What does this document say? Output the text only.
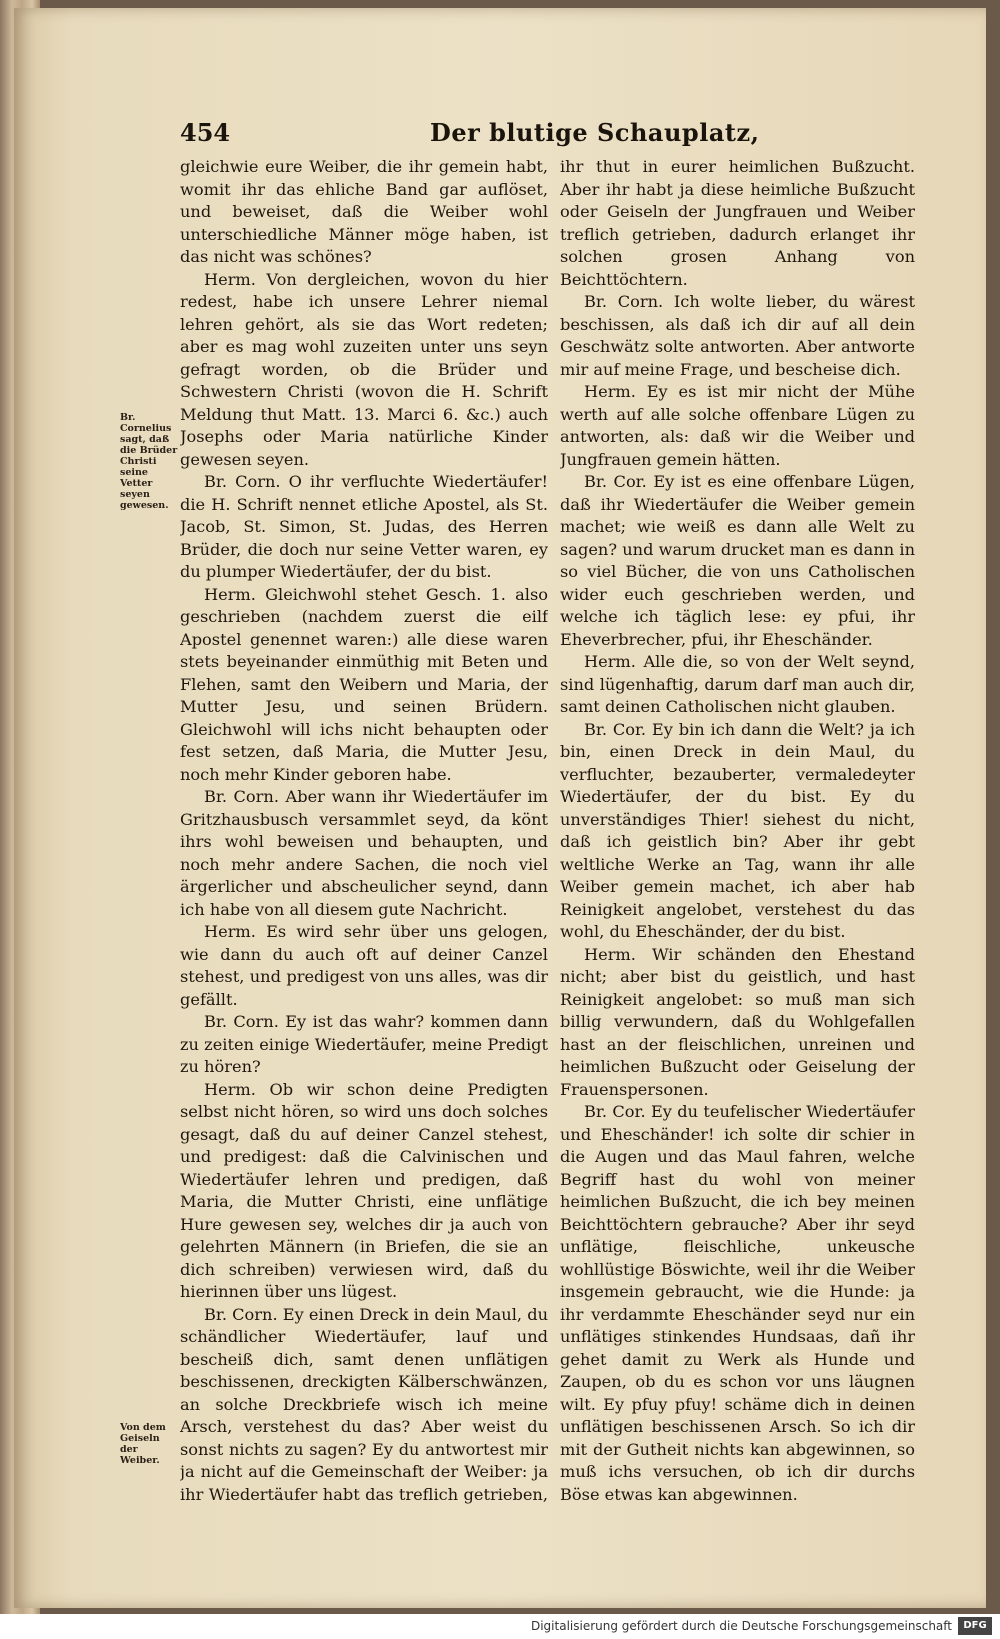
454	Der blutige Schauplatz,
Br. Cornelius sagt, daß die Brüder Christi seine Vetter seyen gewesen.
Von dem Geiseln der Weiber.

gleichwie eure Weiber, die ihr gemein habt, womit ihr das ehliche Band gar auflöset, und beweiset, daß die Weiber wohl unterschiedliche Männer möge haben, ist das nicht was schönes?

Herm. Von dergleichen, wovon du hier redest, habe ich unsere Lehrer niemal lehren gehört, als sie das Wort redeten; aber es mag wohl zuzeiten unter uns seyn gefragt worden, ob die Brüder und Schwestern Christi (wovon die H. Schrift Meldung thut Matt. 13. Marci 6. &c.) auch Josephs oder Maria natürliche Kinder gewesen seyen.

Br. Corn. O ihr verfluchte Wiedertäufer! die H. Schrift nennet etliche Apostel, als St. Jacob, St. Simon, St. Judas, des Herren Brüder, die doch nur seine Vetter waren, ey du plumper Wiedertäufer, der du bist.

Herm. Gleichwohl stehet Gesch. 1. also geschrieben (nachdem zuerst die eilf Apostel genennet waren:) alle diese waren stets beyeinander einmüthig mit Beten und Flehen, samt den Weibern und Maria, der Mutter Jesu, und seinen Brüdern. Gleichwohl will ichs nicht behaupten oder fest setzen, daß Maria, die Mutter Jesu, noch mehr Kinder geboren habe.

Br. Corn. Aber wann ihr Wiedertäufer im Gritzhausbusch versammlet seyd, da könt ihrs wohl beweisen und behaupten, und noch mehr andere Sachen, die noch viel ärgerlicher und abscheulicher seynd, dann ich habe von all diesem gute Nachricht.

Herm. Es wird sehr über uns gelogen, wie dann du auch oft auf deiner Canzel stehest, und predigest von uns alles, was dir gefällt.

Br. Corn. Ey ist das wahr? kommen dann zu zeiten einige Wiedertäufer, meine Predigt zu hören?

Herm. Ob wir schon deine Predigten selbst nicht hören, so wird uns doch solches gesagt, daß du auf deiner Canzel stehest, und predigest: daß die Calvinischen und Wiedertäufer lehren und predigen, daß Maria, die Mutter Christi, eine unflätige Hure gewesen sey, welches dir ja auch von gelehrten Männern (in Briefen, die sie an dich schreiben) verwiesen wird, daß du hierinnen über uns lügest.

Br. Corn. Ey einen Dreck in dein Maul, du schändlicher Wiedertäufer, lauf und bescheiß dich, samt denen unflätigen beschissenen, dreckigten Kälberschwänzen, an solche Dreckbriefe wisch ich meine Arsch, verstehest du das? Aber weist du sonst nichts zu sagen? Ey du antwortest mir ja nicht auf die Gemeinschaft der Weiber: ja ihr Wiedertäufer habt das treflich getrieben,

ihr thut in eurer heimlichen Bußzucht. Aber ihr habt ja diese heimliche Bußzucht oder Geiseln der Jungfrauen und Weiber treflich getrieben, dadurch erlanget ihr solchen grosen Anhang von Beichttöchtern.

Br. Corn. Ich wolte lieber, du wärest beschissen, als daß ich dir auf all dein Geschwätz solte antworten. Aber antworte mir auf meine Frage, und bescheise dich.

Herm. Ey es ist mir nicht der Mühe werth auf alle solche offenbare Lügen zu antworten, als: daß wir die Weiber und Jungfrauen gemein hätten.

Br. Cor. Ey ist es eine offenbare Lügen, daß ihr Wiedertäufer die Weiber gemein machet; wie weiß es dann alle Welt zu sagen? und warum drucket man es dann in so viel Bücher, die von uns Catholischen wider euch geschrieben werden, und welche ich täglich lese: ey pfui, ihr Eheverbrecher, pfui, ihr Eheschänder.

Herm. Alle die, so von der Welt seynd, sind lügenhaftig, darum darf man auch dir, samt deinen Catholischen nicht glauben.

Br. Cor. Ey bin ich dann die Welt? ja ich bin, einen Dreck in dein Maul, du verfluchter, bezauberter, vermaledeyter Wiedertäufer, der du bist. Ey du unverständiges Thier! siehest du nicht, daß ich geistlich bin? Aber ihr gebt weltliche Werke an Tag, wann ihr alle Weiber gemein machet, ich aber hab Reinigkeit angelobet, verstehest du das wohl, du Eheschänder, der du bist.

Herm. Wir schänden den Ehestand nicht; aber bist du geistlich, und hast Reinigkeit angelobet: so muß man sich billig verwundern, daß du Wohlgefallen hast an der fleischlichen, unreinen und heimlichen Bußzucht oder Geiselung der Frauenspersonen.

Br. Cor. Ey du teufelischer Wiedertäufer und Eheschänder! ich solte dir schier in die Augen und das Maul fahren, welche Begriff hast du wohl von meiner heimlichen Bußzucht, die ich bey meinen Beichttöchtern gebrauche? Aber ihr seyd unflätige, fleischliche, unkeusche wohllüstige Böswichte, weil ihr die Weiber insgemein gebraucht, wie die Hunde: ja ihr verdammte Eheschänder seyd nur ein unflätiges stinkendes Hundsaas, dañ ihr gehet damit zu Werk als Hunde und Zaupen, ob du es schon vor uns läugnen wilt. Ey pfuy pfuy! schäme dich in deinen unflätigen beschissenen Arsch. So ich dir mit der Gutheit nichts kan abgewinnen, so muß ichs versuchen, ob ich dir durchs Böse etwas kan abgewinnen.

Digitalisierung gefördert durch die Deutsche Forschungsgemeinschaft	DFG
